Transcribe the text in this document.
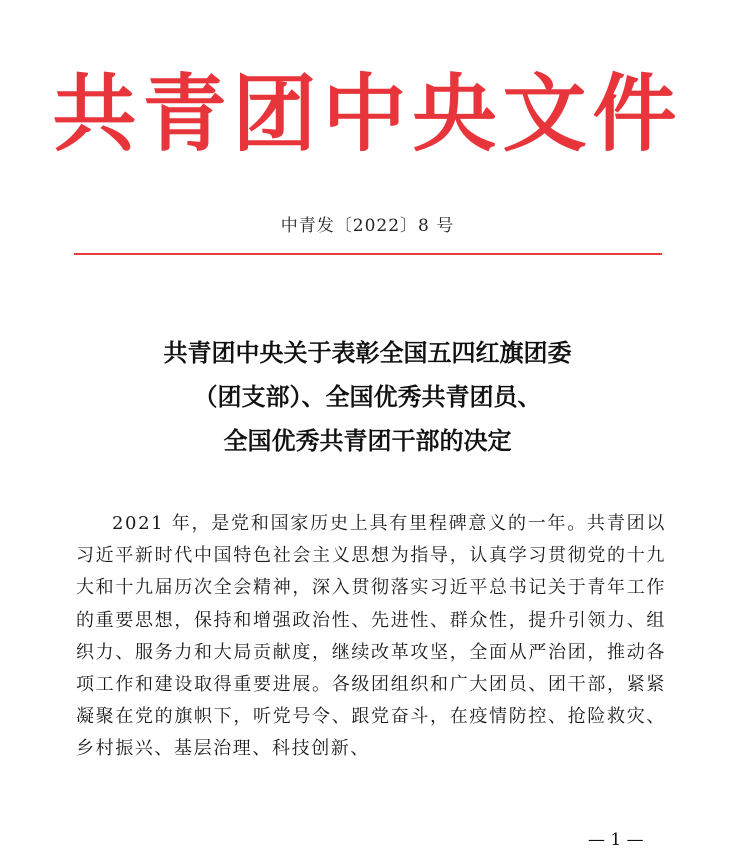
共青团中央文件
中青发〔2022〕8 号
共青团中央关于表彰全国五四红旗团委
（团支部）、全国优秀共青团员、
全国优秀共青团干部的决定
2021 年，是党和国家历史上具有里程碑意义的一年。共青团以习近平新时代中国特色社会主义思想为指导，认真学习贯彻党的十九大和十九届历次全会精神，深入贯彻落实习近平总书记关于青年工作的重要思想，保持和增强政治性、先进性、群众性，提升引领力、组织力、服务力和大局贡献度，继续改革攻坚，全面从严治团，推动各项工作和建设取得重要进展。各级团组织和广大团员、团干部，紧紧凝聚在党的旗帜下，听党号令、跟党奋斗，在疫情防控、抢险救灾、乡村振兴、基层治理、科技创新、
— 1 —
